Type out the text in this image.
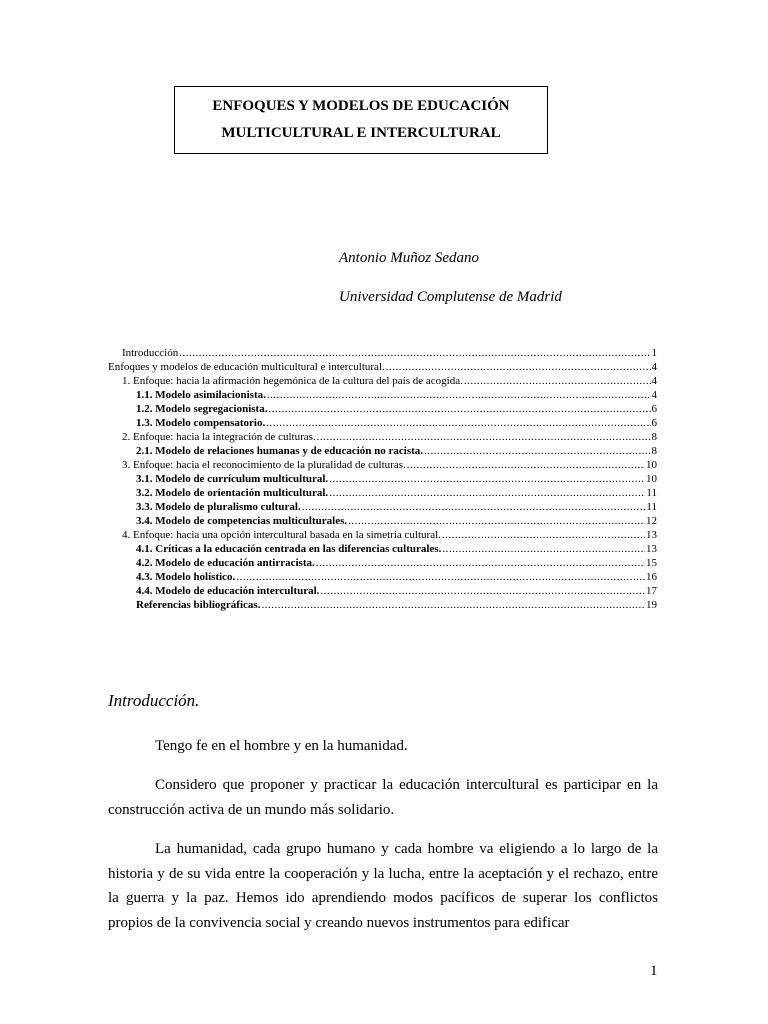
ENFOQUES Y MODELOS DE EDUCACIÓN
MULTICULTURAL E INTERCULTURAL
Antonio Muñoz Sedano
Universidad Complutense de Madrid
Introducción .....	1
Enfoques y modelos de educación multicultural e intercultural. .....	4
1. Enfoque: hacia la afirmación hegemónica de la cultura del país de acogida. .....	4
1.1. Modelo asimilacionista. .....	4
1.2. Modelo segregacionista. .....	6
1.3. Modelo compensatorio. .....	6
2. Enfoque: hacia la integración de culturas. .....	8
2.1. Modelo de relaciones humanas y de educación no racista. .....	8
3. Enfoque: hacia el reconocimiento de la pluralidad de culturas. .....	10
3.1. Modelo de currículum multicultural. .....	10
3.2. Modelo de orientación multicultural. .....	11
3.3. Modelo de pluralismo cultural. .....	11
3.4. Modelo de competencias multiculturales. .....	12
4. Enfoque: hacia una opción intercultural basada en la simetría cultural. .....	13
4.1. Críticas a la educación centrada en las diferencias culturales. .....	13
4.2. Modelo de educación antirracista. .....	15
4.3. Modelo holístico. .....	16
4.4. Modelo de educación intercultural. .....	17
Referencias bibliográficas. .....	19
Introducción.
Tengo fe en el hombre y en la humanidad.
Considero que proponer y practicar la educación intercultural es participar en la construcción activa de un mundo más solidario.
La humanidad, cada grupo humano y cada hombre va eligiendo a lo largo de la historia y de su vida entre la cooperación y la lucha, entre la aceptación y el rechazo, entre la guerra y la paz. Hemos ido aprendiendo modos pacíficos de superar los conflictos propios de la convivencia social y creando nuevos instrumentos para edificar
1
